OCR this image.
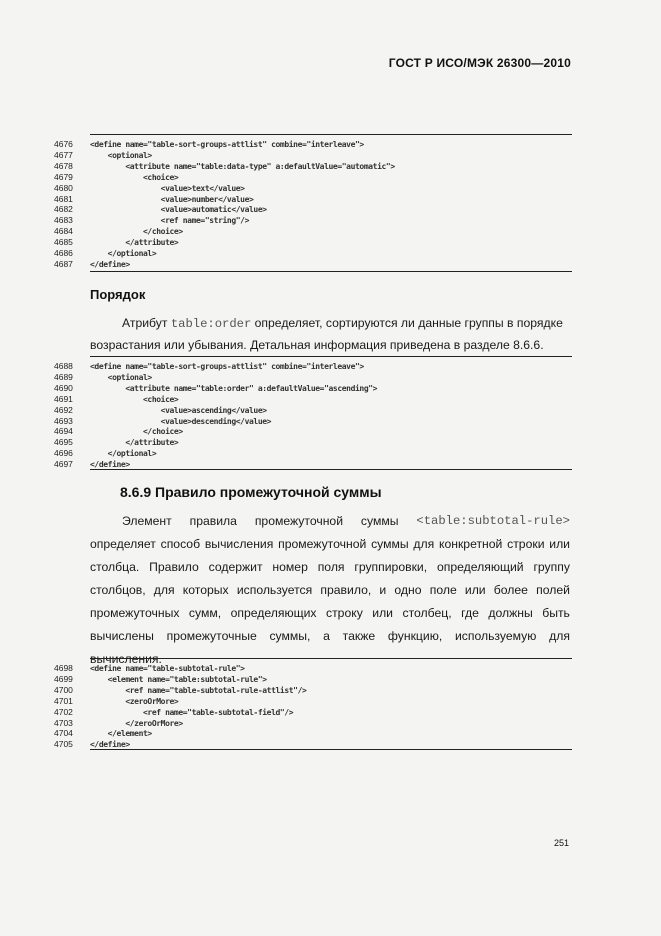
ГОСТ Р ИСО/МЭК 26300—2010
4676	<define name="table-sort-groups-attlist" combine="interleave">
4677	<optional>
4678	<attribute name="table:data-type" a:defaultValue="automatic">
4679	<choice>
4680	<value>text</value>
4681	<value>number</value>
4682	<value>automatic</value>
4683	<ref name="string"/>
4684	</choice>
4685	</attribute>
4686	</optional>
4687	</define>
Порядок
Атрибут table:order определяет, сортируются ли данные группы в порядке
возрастания или убывания. Детальная информация приведена в разделе 8.6.6.
4688	<define name="table-sort-groups-attlist" combine="interleave">
4689	<optional>
4690	<attribute name="table:order" a:defaultValue="ascending">
4691	<choice>
4692	<value>ascending</value>
4693	<value>descending</value>
4694	</choice>
4695	</attribute>
4696	</optional>
4697	</define>
8.6.9 Правило промежуточной суммы
Элемент правила промежуточной суммы <table:subtotal-rule>
определяет способ вычисления промежуточной суммы для конкретной строки или
столбца. Правило содержит номер поля группировки, определяющий группу
столбцов, для которых используется правило, и одно поле или более полей
промежуточных сумм, определяющих строку или столбец, где должны быть
вычислены промежуточные суммы, а также функцию, используемую для
вычисления.
4698	<define name="table-subtotal-rule">
4699	<element name="table:subtotal-rule">
4700	<ref name="table-subtotal-rule-attlist"/>
4701	<zeroOrMore>
4702	<ref name="table-subtotal-field"/>
4703	</zeroOrMore>
4704	</element>
4705	</define>
251
